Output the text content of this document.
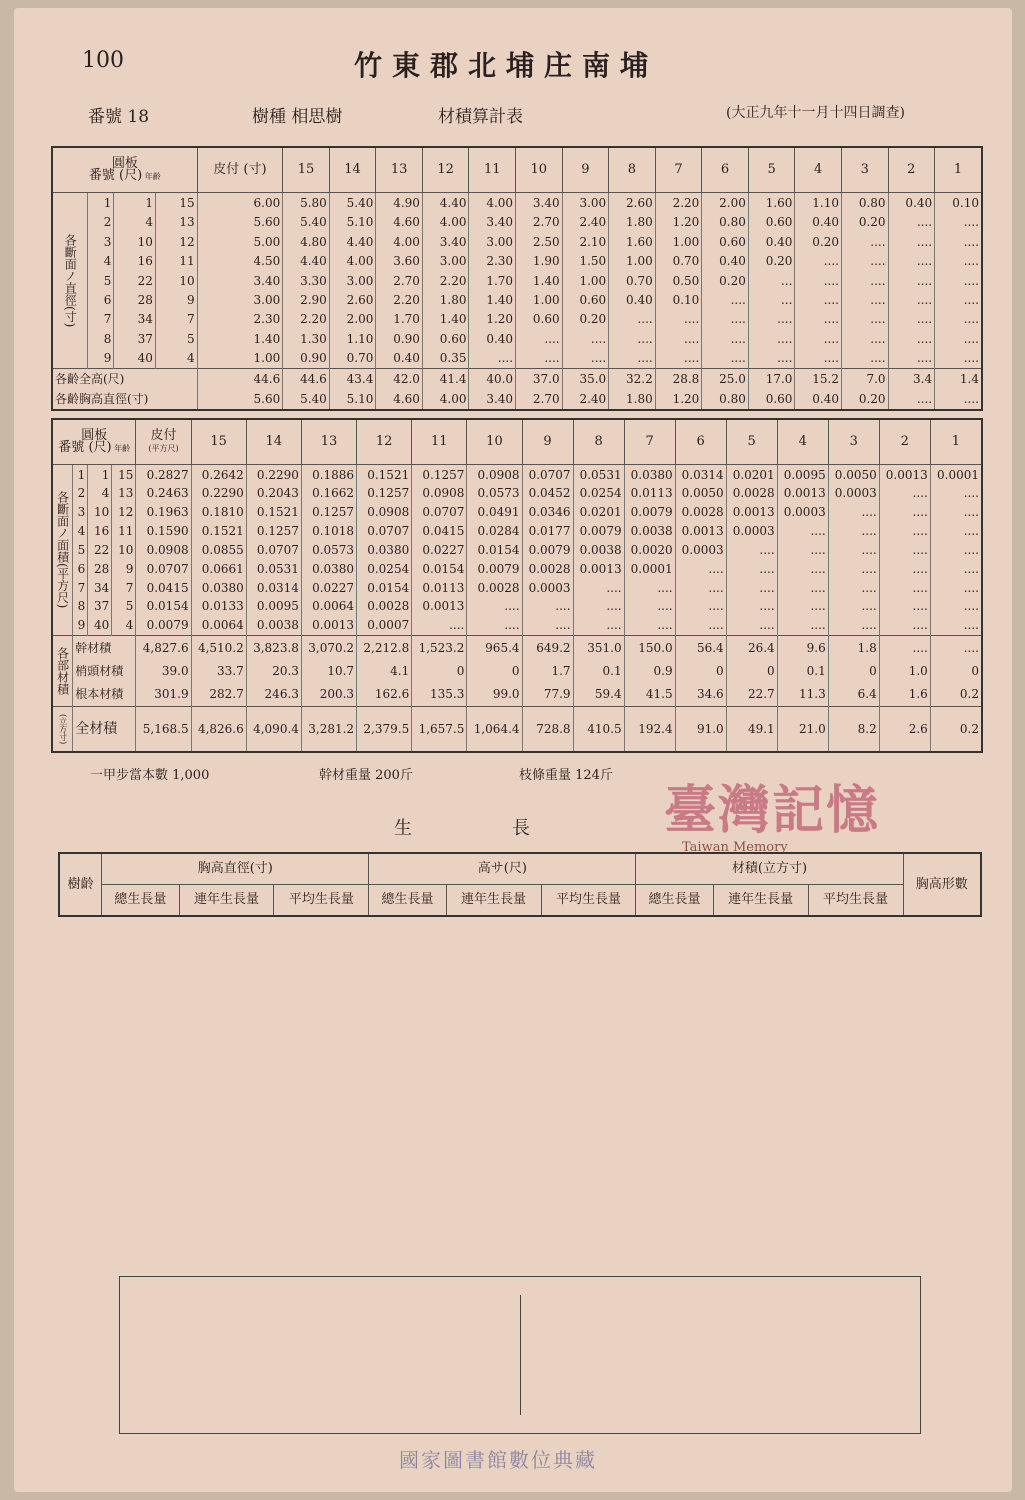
100	竹東郡北埔庄南埔
番號 18	樹種 相思樹	材積算計表	(大正九年十一月十四日調查)
圓板
番號 (尺) 年齡				皮付 (寸)	15	14	13	12	11	10	9	8	7	6	5	4	3	2	1
各斷面ノ直徑(寸)	1	1	15	6.00	5.80	5.40	4.90	4.40	4.00	3.40	3.00	2.60	2.20	2.00	1.60	1.10	0.80	0.40	0.10
	2	4	13	5.60	5.40	5.10	4.60	4.00	3.40	2.70	2.40	1.80	1.20	0.80	0.60	0.40	0.20	....	....
	3	10	12	5.00	4.80	4.40	4.00	3.40	3.00	2.50	2.10	1.60	1.00	0.60	0.40	0.20	....	....	....
	4	16	11	4.50	4.40	4.00	3.60	3.00	2.30	1.90	1.50	1.00	0.70	0.40	0.20	....	....	....	....
	5	22	10	3.40	3.30	3.00	2.70	2.20	1.70	1.40	1.00	0.70	0.50	0.20	...	....	....	....	....
	6	28	9	3.00	2.90	2.60	2.20	1.80	1.40	1.00	0.60	0.40	0.10	....	...	....	....	....	....
	7	34	7	2.30	2.20	2.00	1.70	1.40	1.20	0.60	0.20	....	....	....	....	....	....	....	....
	8	37	5	1.40	1.30	1.10	0.90	0.60	0.40	....	....	....	....	....	....	....	....	....	....
	9	40	4	1.00	0.90	0.70	0.40	0.35	....	....	....	....	....	....	....	....	....	....	....
各齡全高(尺)				44.6	44.6	43.4	42.0	41.4	40.0	37.0	35.0	32.2	28.8	25.0	17.0	15.2	7.0	3.4	1.4
各齡胸高直徑(寸)				5.60	5.40	5.10	4.60	4.00	3.40	2.70	2.40	1.80	1.20	0.80	0.60	0.40	0.20	....	....
圓板
番號 (尺) 年齡				皮付
(平方尺)	15	14	13	12	11	10	9	8	7	6	5	4	3	2	1
各斷面ノ面積(平方尺)	1	1	15	0.2827	0.2642	0.2290	0.1886	0.1521	0.1257	0.0908	0.0707	0.0531	0.0380	0.0314	0.0201	0.0095	0.0050	0.0013	0.0001
	2	4	13	0.2463	0.2290	0.2043	0.1662	0.1257	0.0908	0.0573	0.0452	0.0254	0.0113	0.0050	0.0028	0.0013	0.0003	....	....
	3	10	12	0.1963	0.1810	0.1521	0.1257	0.0908	0.0707	0.0491	0.0346	0.0201	0.0079	0.0028	0.0013	0.0003	....	....	....
	4	16	11	0.1590	0.1521	0.1257	0.1018	0.0707	0.0415	0.0284	0.0177	0.0079	0.0038	0.0013	0.0003	....	....	....	....
	5	22	10	0.0908	0.0855	0.0707	0.0573	0.0380	0.0227	0.0154	0.0079	0.0038	0.0020	0.0003	....	....	....	....	....
	6	28	9	0.0707	0.0661	0.0531	0.0380	0.0254	0.0154	0.0079	0.0028	0.0013	0.0001	....	....	....	....	....	....
	7	34	7	0.0415	0.0380	0.0314	0.0227	0.0154	0.0113	0.0028	0.0003	....	....	....	....	....	....	....	....
	8	37	5	0.0154	0.0133	0.0095	0.0064	0.0028	0.0013	....	....	....	....	....	....	....	....	....	....
	9	40	4	0.0079	0.0064	0.0038	0.0013	0.0007	....	....	....	....	....	....	....	....	....	....	....
各部材積	幹材積			4,827.6	4,510.2	3,823.8	3,070.2	2,212.8	1,523.2	965.4	649.2	351.0	150.0	56.4	26.4	9.6	1.8	....	....
	梢頭材積			39.0	33.7	20.3	10.7	4.1	0	0	1.7	0.1	0.9	0	0	0.1	0	1.0	0
	根本材積			301.9	282.7	246.3	200.3	162.6	135.3	99.0	77.9	59.4	41.5	34.6	22.7	11.3	6.4	1.6	0.2
(立方寸)	全材積			5,168.5	4,826.6	4,090.4	3,281.2	2,379.5	1,657.5	1,064.4	728.8	410.5	192.4	91.0	49.1	21.0	8.2	2.6	0.2
一甲步當本數 1,000	幹材重量 200斤	枝條重量 124斤
生長 臺灣記憶
Taiwan Memory
樹齡	胸高直徑(寸)			高サ(尺)			材積(立方寸)			胸高形數
	總生長量	連年生長量	平均生長量	總生長量	連年生長量	平均生長量	總生長量	連年生長量	平均生長量	

國家圖書館數位典藏
